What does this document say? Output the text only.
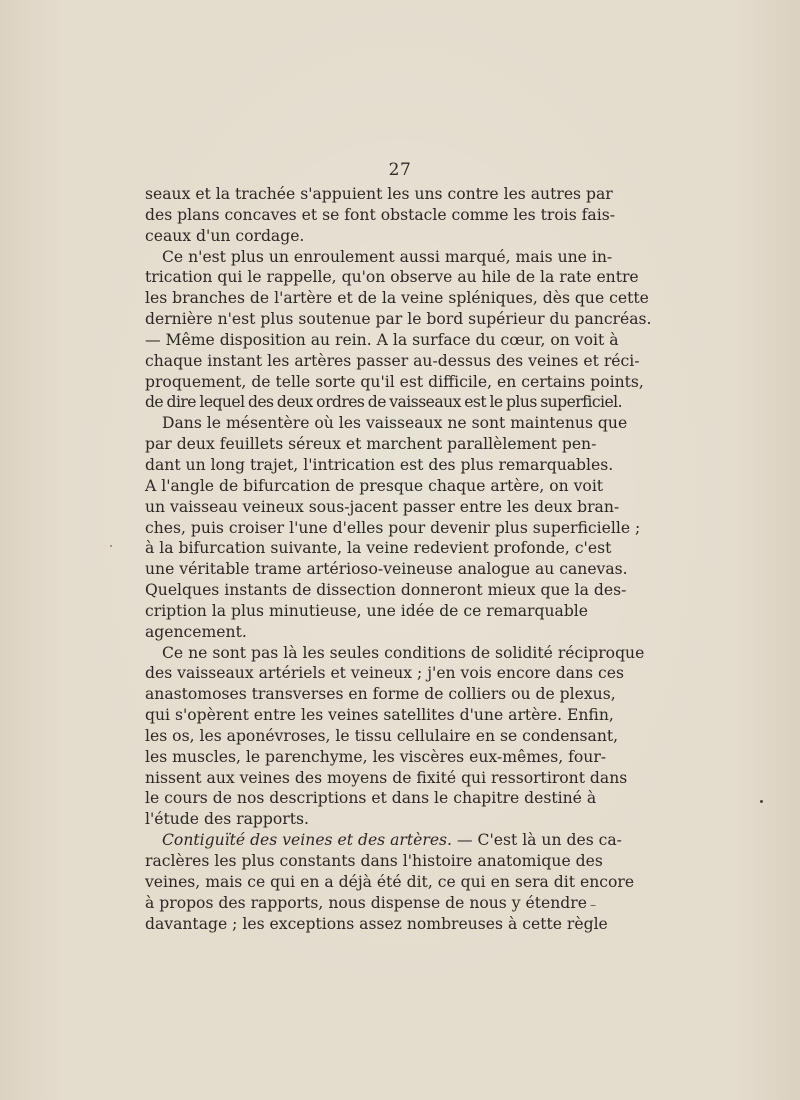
27
seaux et la trachée s'appuient les uns contre les autres par
des plans concaves et se font obstacle comme les trois fais-
ceaux d'un cordage.
Ce n'est plus un enroulement aussi marqué, mais une in-
trication qui le rappelle, qu'on observe au hile de la rate entre
les branches de l'artère et de la veine spléniques, dès que cette
dernière n'est plus soutenue par le bord supérieur du pancréas.
— Même disposition au rein. A la surface du cœur, on voit à
chaque instant les artères passer au-dessus des veines et réci-
proquement, de telle sorte qu'il est difficile, en certains points,
de dire lequel des deux ordres de vaisseaux est le plus superficiel.
Dans le mésentère où les vaisseaux ne sont maintenus que
par deux feuillets séreux et marchent parallèlement pen-
dant un long trajet, l'intrication est des plus remarquables.
A l'angle de bifurcation de presque chaque artère, on voit
un vaisseau veineux sous-jacent passer entre les deux bran-
ches, puis croiser l'une d'elles pour devenir plus superficielle ;
à la bifurcation suivante, la veine redevient profonde, c'est
une véritable trame artérioso-veineuse analogue au canevas.
Quelques instants de dissection donneront mieux que la des-
cription la plus minutieuse, une idée de ce remarquable
agencement.
Ce ne sont pas là les seules conditions de solidité réciproque
des vaisseaux artériels et veineux ; j'en vois encore dans ces
anastomoses transverses en forme de colliers ou de plexus,
qui s'opèrent entre les veines satellites d'une artère. Enfin,
les os, les aponévroses, le tissu cellulaire en se condensant,
les muscles, le parenchyme, les viscères eux-mêmes, four-
nissent aux veines des moyens de fixité qui ressortiront dans
le cours de nos descriptions et dans le chapitre destiné à
l'étude des rapports.
Contiguïté des veines et des artères. — C'est là un des ca-
raclères les plus constants dans l'histoire anatomique des
veines, mais ce qui en a déjà été dit, ce qui en sera dit encore
à propos des rapports, nous dispense de nous y étendre
davantage ; les exceptions assez nombreuses à cette règle
